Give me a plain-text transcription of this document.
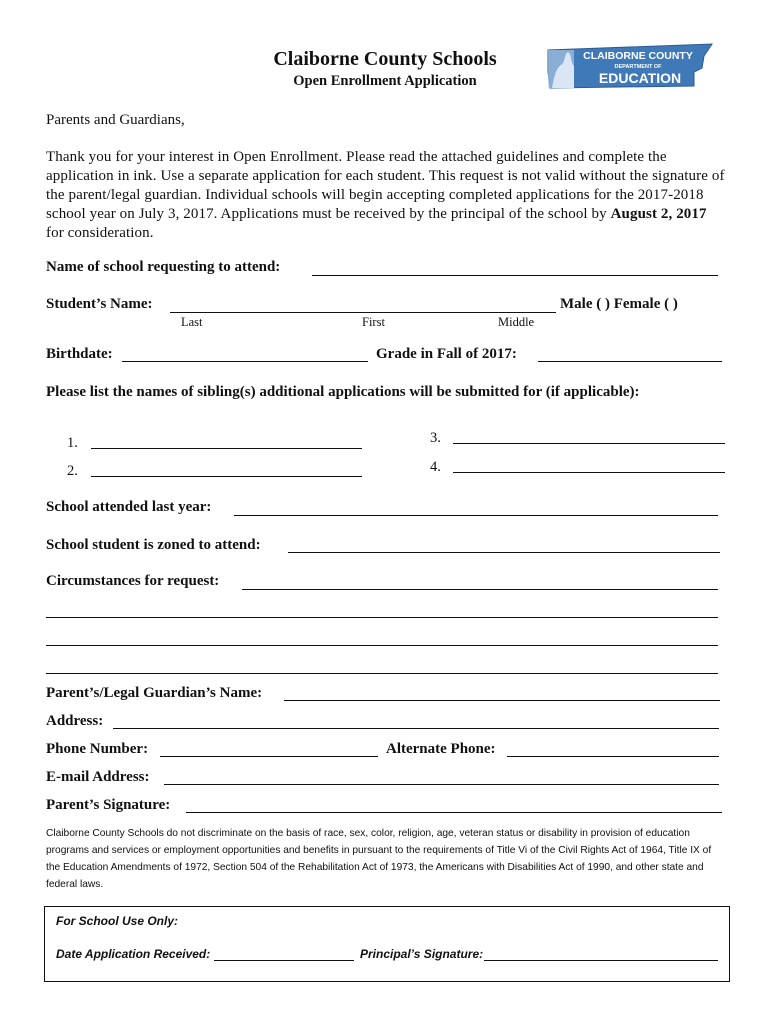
Claiborne County Schools
Open Enrollment Application
CLAIBORNE COUNTY
DEPARTMENT OF
EDUCATION
Parents and Guardians,
Thank you for your interest in Open Enrollment. Please read the attached guidelines and complete the application in ink. Use a separate application for each student. This request is not valid without the signature of the parent/legal guardian. Individual schools will begin accepting completed applications for the 2017-2018 school year on July 3, 2017. Applications must be received by the principal of the school by August 2, 2017 for consideration.
Name of school requesting to attend:
Student’s Name:	Male ( ) Female ( )
Last	First	Middle
Birthdate:	Grade in Fall of 2017:
Please list the names of sibling(s) additional applications will be submitted for (if applicable):
1.
2.
3.
4.
School attended last year:
School student is zoned to attend:
Circumstances for request:
Parent’s/Legal Guardian’s Name:
Address:
Phone Number:	Alternate Phone:
E-mail Address:
Parent’s Signature:
Claiborne County Schools do not discriminate on the basis of race, sex, color, religion, age, veteran status or disability in provision of education programs and services or employment opportunities and benefits in pursuant to the requirements of Title Vi of the Civil Rights Act of 1964, Title IX of the Education Amendments of 1972, Section 504 of the Rehabilitation Act of 1973, the Americans with Disabilities Act of 1990, and other state and federal laws.
For School Use Only:
Date Application Received:	Principal’s Signature:
